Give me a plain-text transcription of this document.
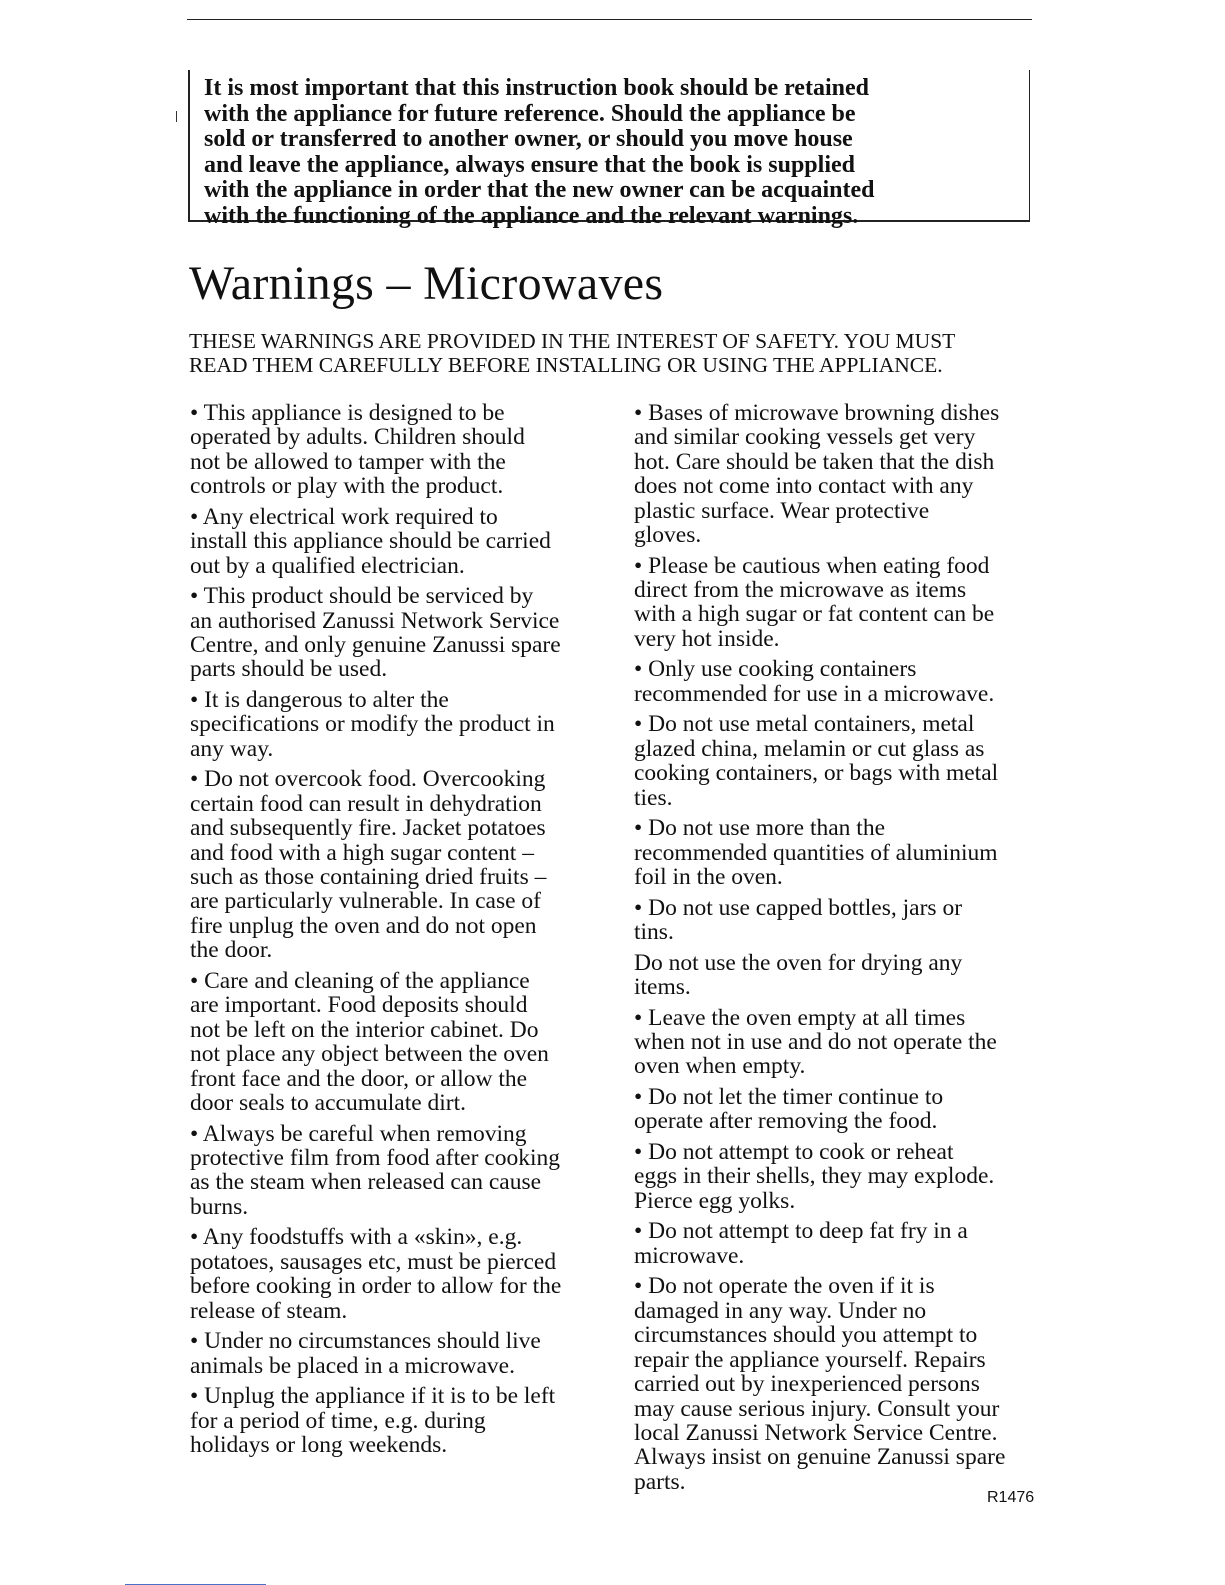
It is most important that this instruction book should be retained
with the appliance for future reference. Should the appliance be
sold or transferred to another owner, or should you move house
and leave the appliance, always ensure that the book is supplied
with the appliance in order that the new owner can be acquainted
with the functioning of the appliance and the relevant warnings.
Warnings – Microwaves
THESE WARNINGS ARE PROVIDED IN THE INTEREST OF SAFETY. YOU MUST
READ THEM CAREFULLY BEFORE INSTALLING OR USING THE APPLIANCE.
• This appliance is designed to be
operated by adults. Children should
not be allowed to tamper with the
controls or play with the product.
• Any electrical work required to
install this appliance should be carried
out by a qualified electrician.
• This product should be serviced by
an authorised Zanussi Network Service
Centre, and only genuine Zanussi spare
parts should be used.
• It is dangerous to alter the
specifications or modify the product in
any way.
• Do not overcook food. Overcooking
certain food can result in dehydration
and subsequently fire. Jacket potatoes
and food with a high sugar content –
such as those containing dried fruits –
are particularly vulnerable. In case of
fire unplug the oven and do not open
the door.
• Care and cleaning of the appliance
are important. Food deposits should
not be left on the interior cabinet. Do
not place any object between the oven
front face and the door, or allow the
door seals to accumulate dirt.
• Always be careful when removing
protective film from food after cooking
as the steam when released can cause
burns.
• Any foodstuffs with a «skin», e.g.
potatoes, sausages etc, must be pierced
before cooking in order to allow for the
release of steam.
• Under no circumstances should live
animals be placed in a microwave.
• Unplug the appliance if it is to be left
for a period of time, e.g. during
holidays or long weekends.
• Bases of microwave browning dishes
and similar cooking vessels get very
hot. Care should be taken that the dish
does not come into contact with any
plastic surface. Wear protective
gloves.
• Please be cautious when eating food
direct from the microwave as items
with a high sugar or fat content can be
very hot inside.
• Only use cooking containers
recommended for use in a microwave.
• Do not use metal containers, metal
glazed china, melamin or cut glass as
cooking containers, or bags with metal
ties.
• Do not use more than the
recommended quantities of aluminium
foil in the oven.
• Do not use capped bottles, jars or
tins.
Do not use the oven for drying any
items.
• Leave the oven empty at all times
when not in use and do not operate the
oven when empty.
• Do not let the timer continue to
operate after removing the food.
• Do not attempt to cook or reheat
eggs in their shells, they may explode.
Pierce egg yolks.
• Do not attempt to deep fat fry in a
microwave.
• Do not operate the oven if it is
damaged in any way. Under no
circumstances should you attempt to
repair the appliance yourself. Repairs
carried out by inexperienced persons
may cause serious injury. Consult your
local Zanussi Network Service Centre.
Always insist on genuine Zanussi spare
parts.
R1476
